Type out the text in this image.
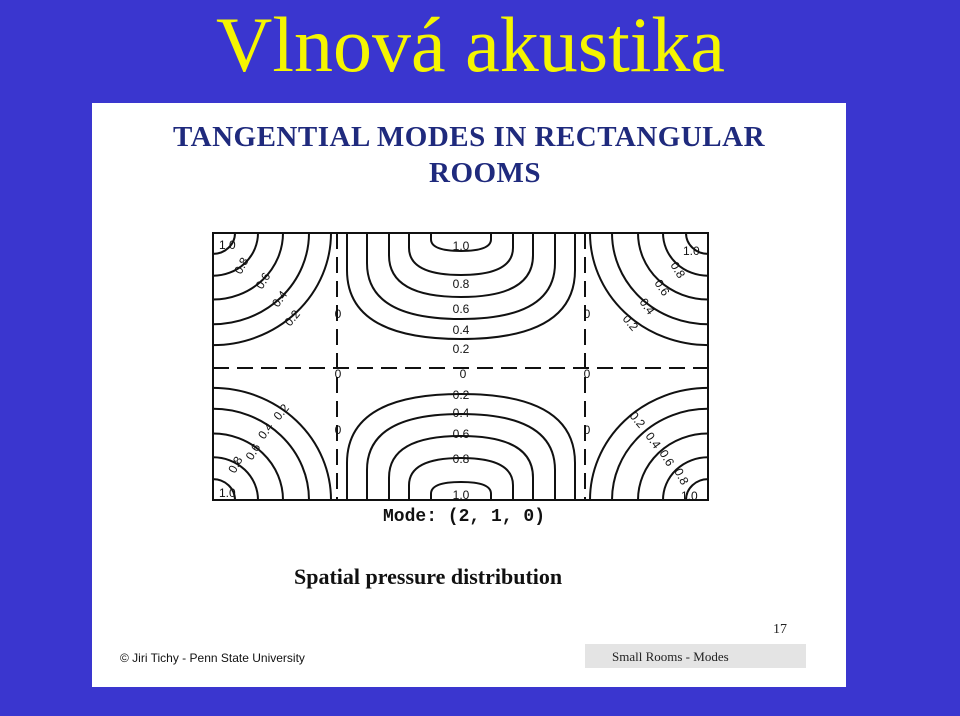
Vlnová akustika
TANGENTIAL MODES IN RECTANGULAR
ROOMS
1.0
0.8
0.6
0.4
0.2
0.2
0.4
0.6
0.8
1.0
0
0	0
0	0
0	0
1.0
0.8
0.6
0.4
0.2
1.0
0.8
0.6
0.4
0.2
0.2
0.4
0.6
0.8
1.0
0.2
0.4
0.6
0.8
1.0
Mode: (2, 1, 0)
Spatial pressure distribution
17
© Jiri Tichy - Penn State University	Small Rooms - Modes
